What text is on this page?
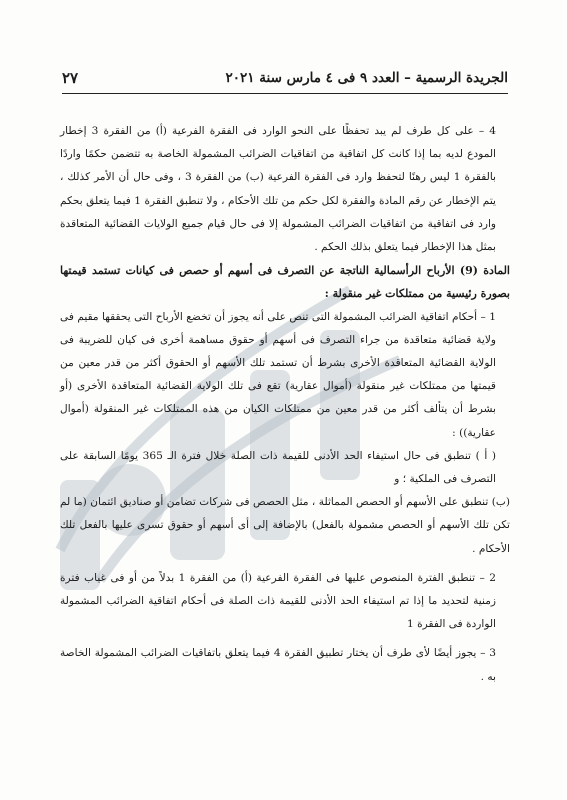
الجريدة الرسمية – العدد ٩ فى ٤ مارس سنة ٢٠٢١
٢٧

4 – على كل طرف لم يبد تحفظًا على النحو الوارد فى الفقرة الفرعية (أ) من الفقرة 3 إخطار المودع لديه بما إذا كانت كل اتفاقية من اتفاقيات الضرائب المشمولة الخاصة به تتضمن حكمًا واردًا بالفقرة 1 ليس رهنًا لتحفظ وارد فى الفقرة الفرعية (ب) من الفقرة 3 ، وفى حال أن الأمر كذلك ، يتم الإخطار عن رقم المادة والفقرة لكل حكم من تلك الأحكام ، ولا تنطبق الفقرة 1 فيما يتعلق بحكم وارد فى اتفاقية من اتفاقيات الضرائب المشمولة إلا فى حال قيام جميع الولايات القضائية المتعاقدة بمثل هذا الإخطار فيما يتعلق بذلك الحكم .

المادة (9) الأرباح الرأسمالية الناتجة عن التصرف فى أسهم أو حصص فى كيانات تستمد قيمتها بصورة رئيسية من ممتلكات غير منقولة :

1 – أحكام اتفاقية الضرائب المشمولة التى تنص على أنه يجوز أن تخضع الأرباح التى يحققها مقيم فى ولاية قضائية متعاقدة من جراء التصرف فى أسهم أو حقوق مساهمة أخرى فى كيان للضريبة فى الولاية القضائية المتعاقدة الأخرى بشرط أن تستمد تلك الأسهم أو الحقوق أكثر من قدر معين من قيمتها من ممتلكات غير منقولة (أموال عقارية) تقع فى تلك الولاية القضائية المتعاقدة الأخرى (أو بشرط أن يتألف أكثر من قدر معين من ممتلكات الكيان من هذه الممتلكات غير المنقولة (أموال عقارية)) :

( أ ) تنطبق فى حال استيفاء الحد الأدنى للقيمة ذات الصلة خلال فترة الـ 365 يومًا السابقة على التصرف فى الملكية ؛ و

(ب) تنطبق على الأسهم أو الحصص المماثلة ، مثل الحصص فى شركات تضامن أو صناديق ائتمان (ما لم تكن تلك الأسهم أو الحصص مشمولة بالفعل) بالإضافة إلى أى أسهم أو حقوق تسرى عليها بالفعل تلك الأحكام .

2 – تنطبق الفترة المنصوص عليها فى الفقرة الفرعية (أ) من الفقرة 1 بدلاً من أو فى غياب فترة زمنية لتحديد ما إذا تم استيفاء الحد الأدنى للقيمة ذات الصلة فى أحكام اتفاقية الضرائب المشمولة الواردة فى الفقرة 1

3 – يجوز أيضًا لأى طرف أن يختار تطبيق الفقرة 4 فيما يتعلق باتفاقيات الضرائب المشمولة الخاصة به .
